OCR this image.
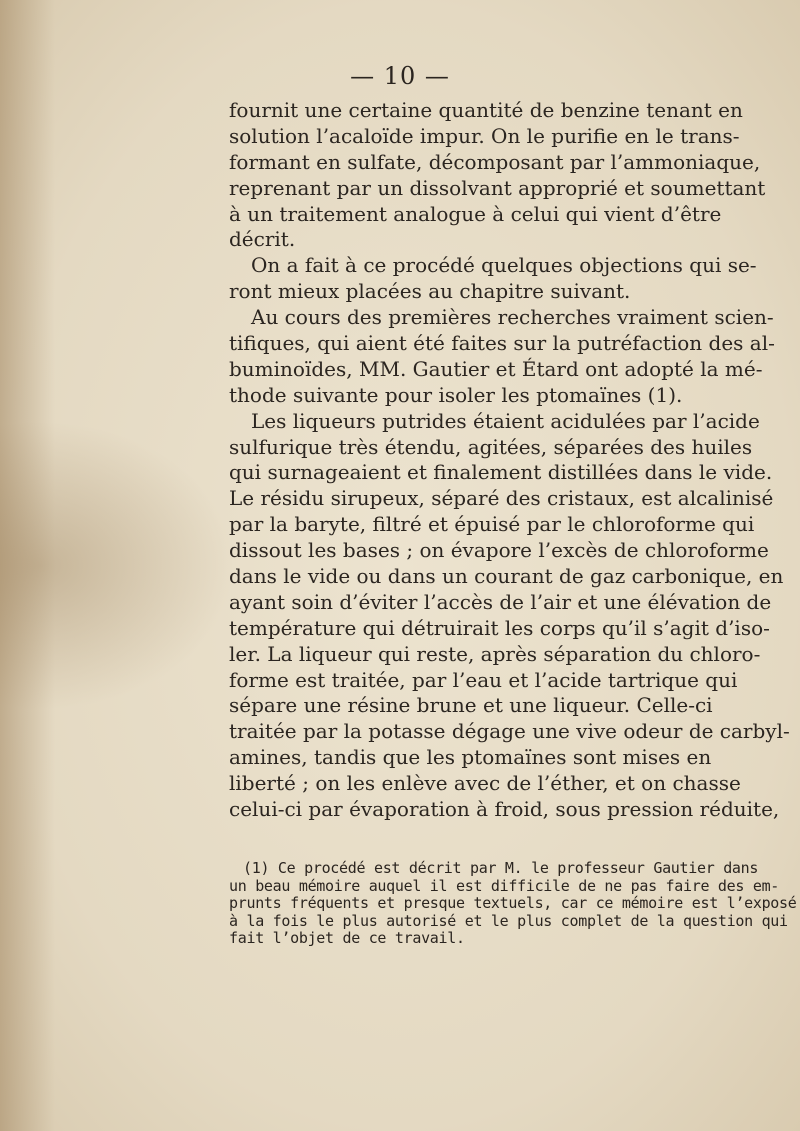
— 10 —
fournit une certaine quantité de benzine tenant en
solution l’acaloïde impur. On le purifie en le trans-
formant en sulfate, décomposant par l’ammoniaque,
reprenant par un dissolvant approprié et soumettant
à un traitement analogue à celui qui vient d’être
décrit.
On a fait à ce procédé quelques objections qui se-
ront mieux placées au chapitre suivant.
Au cours des premières recherches vraiment scien-
tifiques, qui aient été faites sur la putréfaction des al-
buminoïdes, MM. Gautier et Étard ont adopté la mé-
thode suivante pour isoler les ptomaïnes (1).
Les liqueurs putrides étaient acidulées par l’acide
sulfurique très étendu, agitées, séparées des huiles
qui surnageaient et finalement distillées dans le vide.
Le résidu sirupeux, séparé des cristaux, est alcalinisé
par la baryte, filtré et épuisé par le chloroforme qui
dissout les bases ; on évapore l’excès de chloroforme
dans le vide ou dans un courant de gaz carbonique, en
ayant soin d’éviter l’accès de l’air et une élévation de
température qui détruirait les corps qu’il s’agit d’iso-
ler. La liqueur qui reste, après séparation du chloro-
forme est traitée, par l’eau et l’acide tartrique qui
sépare une résine brune et une liqueur. Celle-ci
traitée par la potasse dégage une vive odeur de carbyl-
amines, tandis que les ptomaïnes sont mises en
liberté ; on les enlève avec de l’éther, et on chasse
celui-ci par évaporation à froid, sous pression réduite,
(1) Ce procédé est décrit par M. le professeur Gautier dans
un beau mémoire auquel il est difficile de ne pas faire des em-
prunts fréquents et presque textuels, car ce mémoire est l’exposé
à la fois le plus autorisé et le plus complet de la question qui
fait l’objet de ce travail.
